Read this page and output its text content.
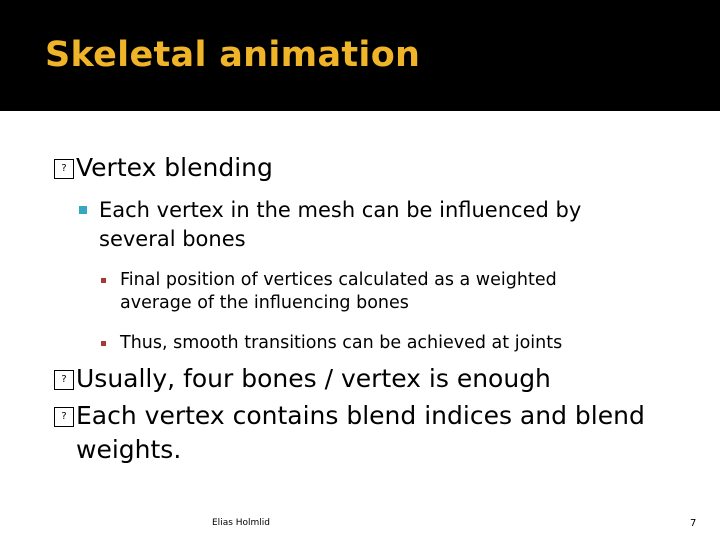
Skeletal animation
? Vertex blending
Each vertex in the mesh can be influenced by
several bones
Final position of vertices calculated as a weighted
average of the influencing bones
Thus, smooth transitions can be achieved at joints
? Usually, four bones / vertex is enough
? Each vertex contains blend indices and blend
weights.
Elias Holmlid	7
